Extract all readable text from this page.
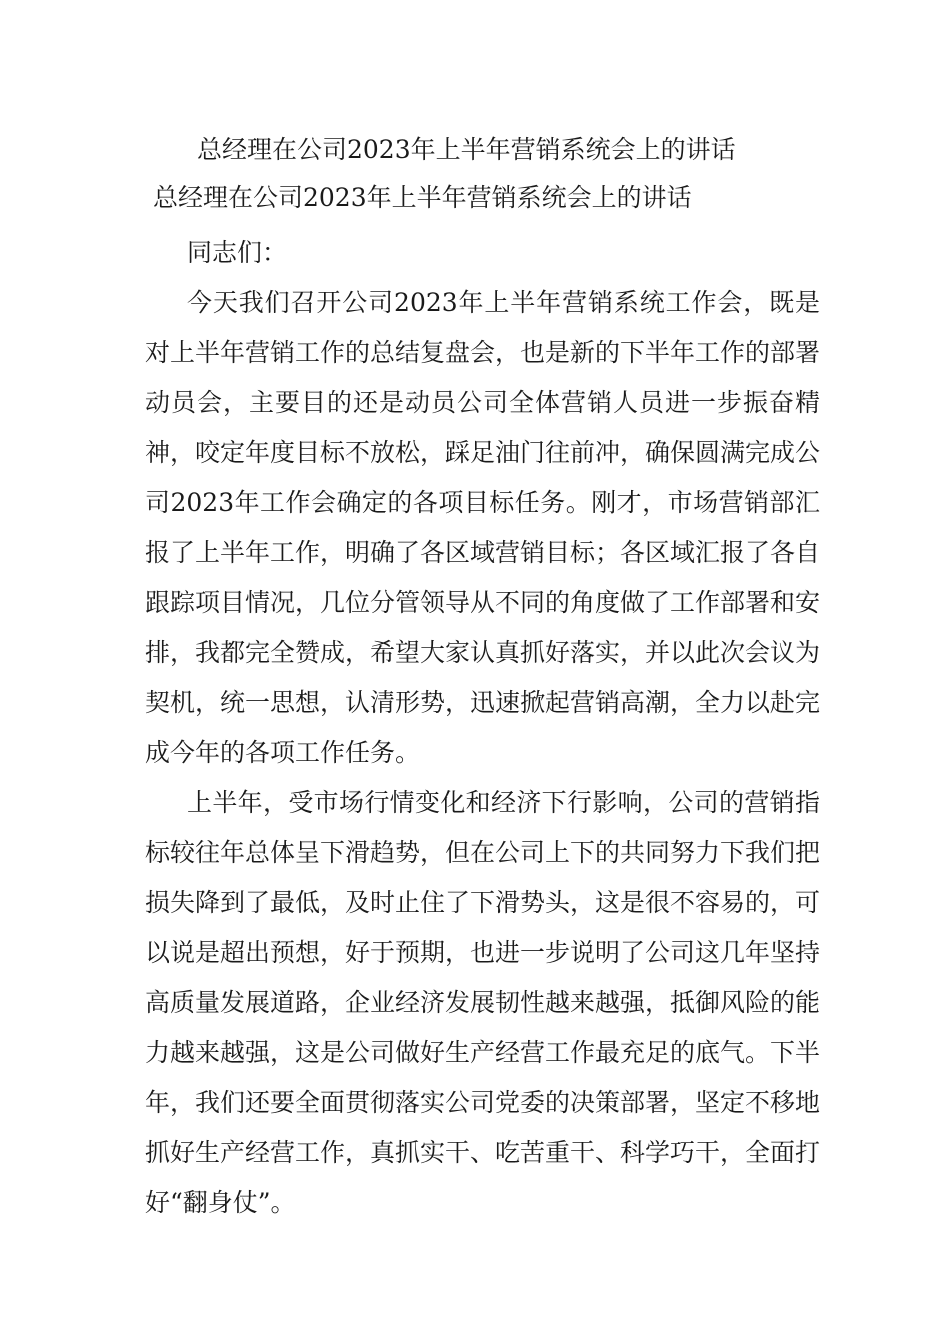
总经理在公司2023年上半年营销系统会上的讲话
总经理在公司2023年上半年营销系统会上的讲话

同志们：

今天我们召开公司2023年上半年营销系统工作会，既是对上半年营销工作的总结复盘会，也是新的下半年工作的部署动员会，主要目的还是动员公司全体营销人员进一步振奋精神，咬定年度目标不放松，踩足油门往前冲，确保圆满完成公司2023年工作会确定的各项目标任务。刚才，市场营销部汇报了上半年工作，明确了各区域营销目标；各区域汇报了各自跟踪项目情况，几位分管领导从不同的角度做了工作部署和安排，我都完全赞成，希望大家认真抓好落实，并以此次会议为契机，统一思想，认清形势，迅速掀起营销高潮，全力以赴完成今年的各项工作任务。

上半年，受市场行情变化和经济下行影响，公司的营销指标较往年总体呈下滑趋势，但在公司上下的共同努力下我们把损失降到了最低，及时止住了下滑势头，这是很不容易的，可以说是超出预想，好于预期，也进一步说明了公司这几年坚持高质量发展道路，企业经济发展韧性越来越强，抵御风险的能力越来越强，这是公司做好生产经营工作最充足的底气。下半年，我们还要全面贯彻落实公司党委的决策部署，坚定不移地抓好生产经营工作，真抓实干、吃苦重干、科学巧干，全面打好“翻身仗”。
